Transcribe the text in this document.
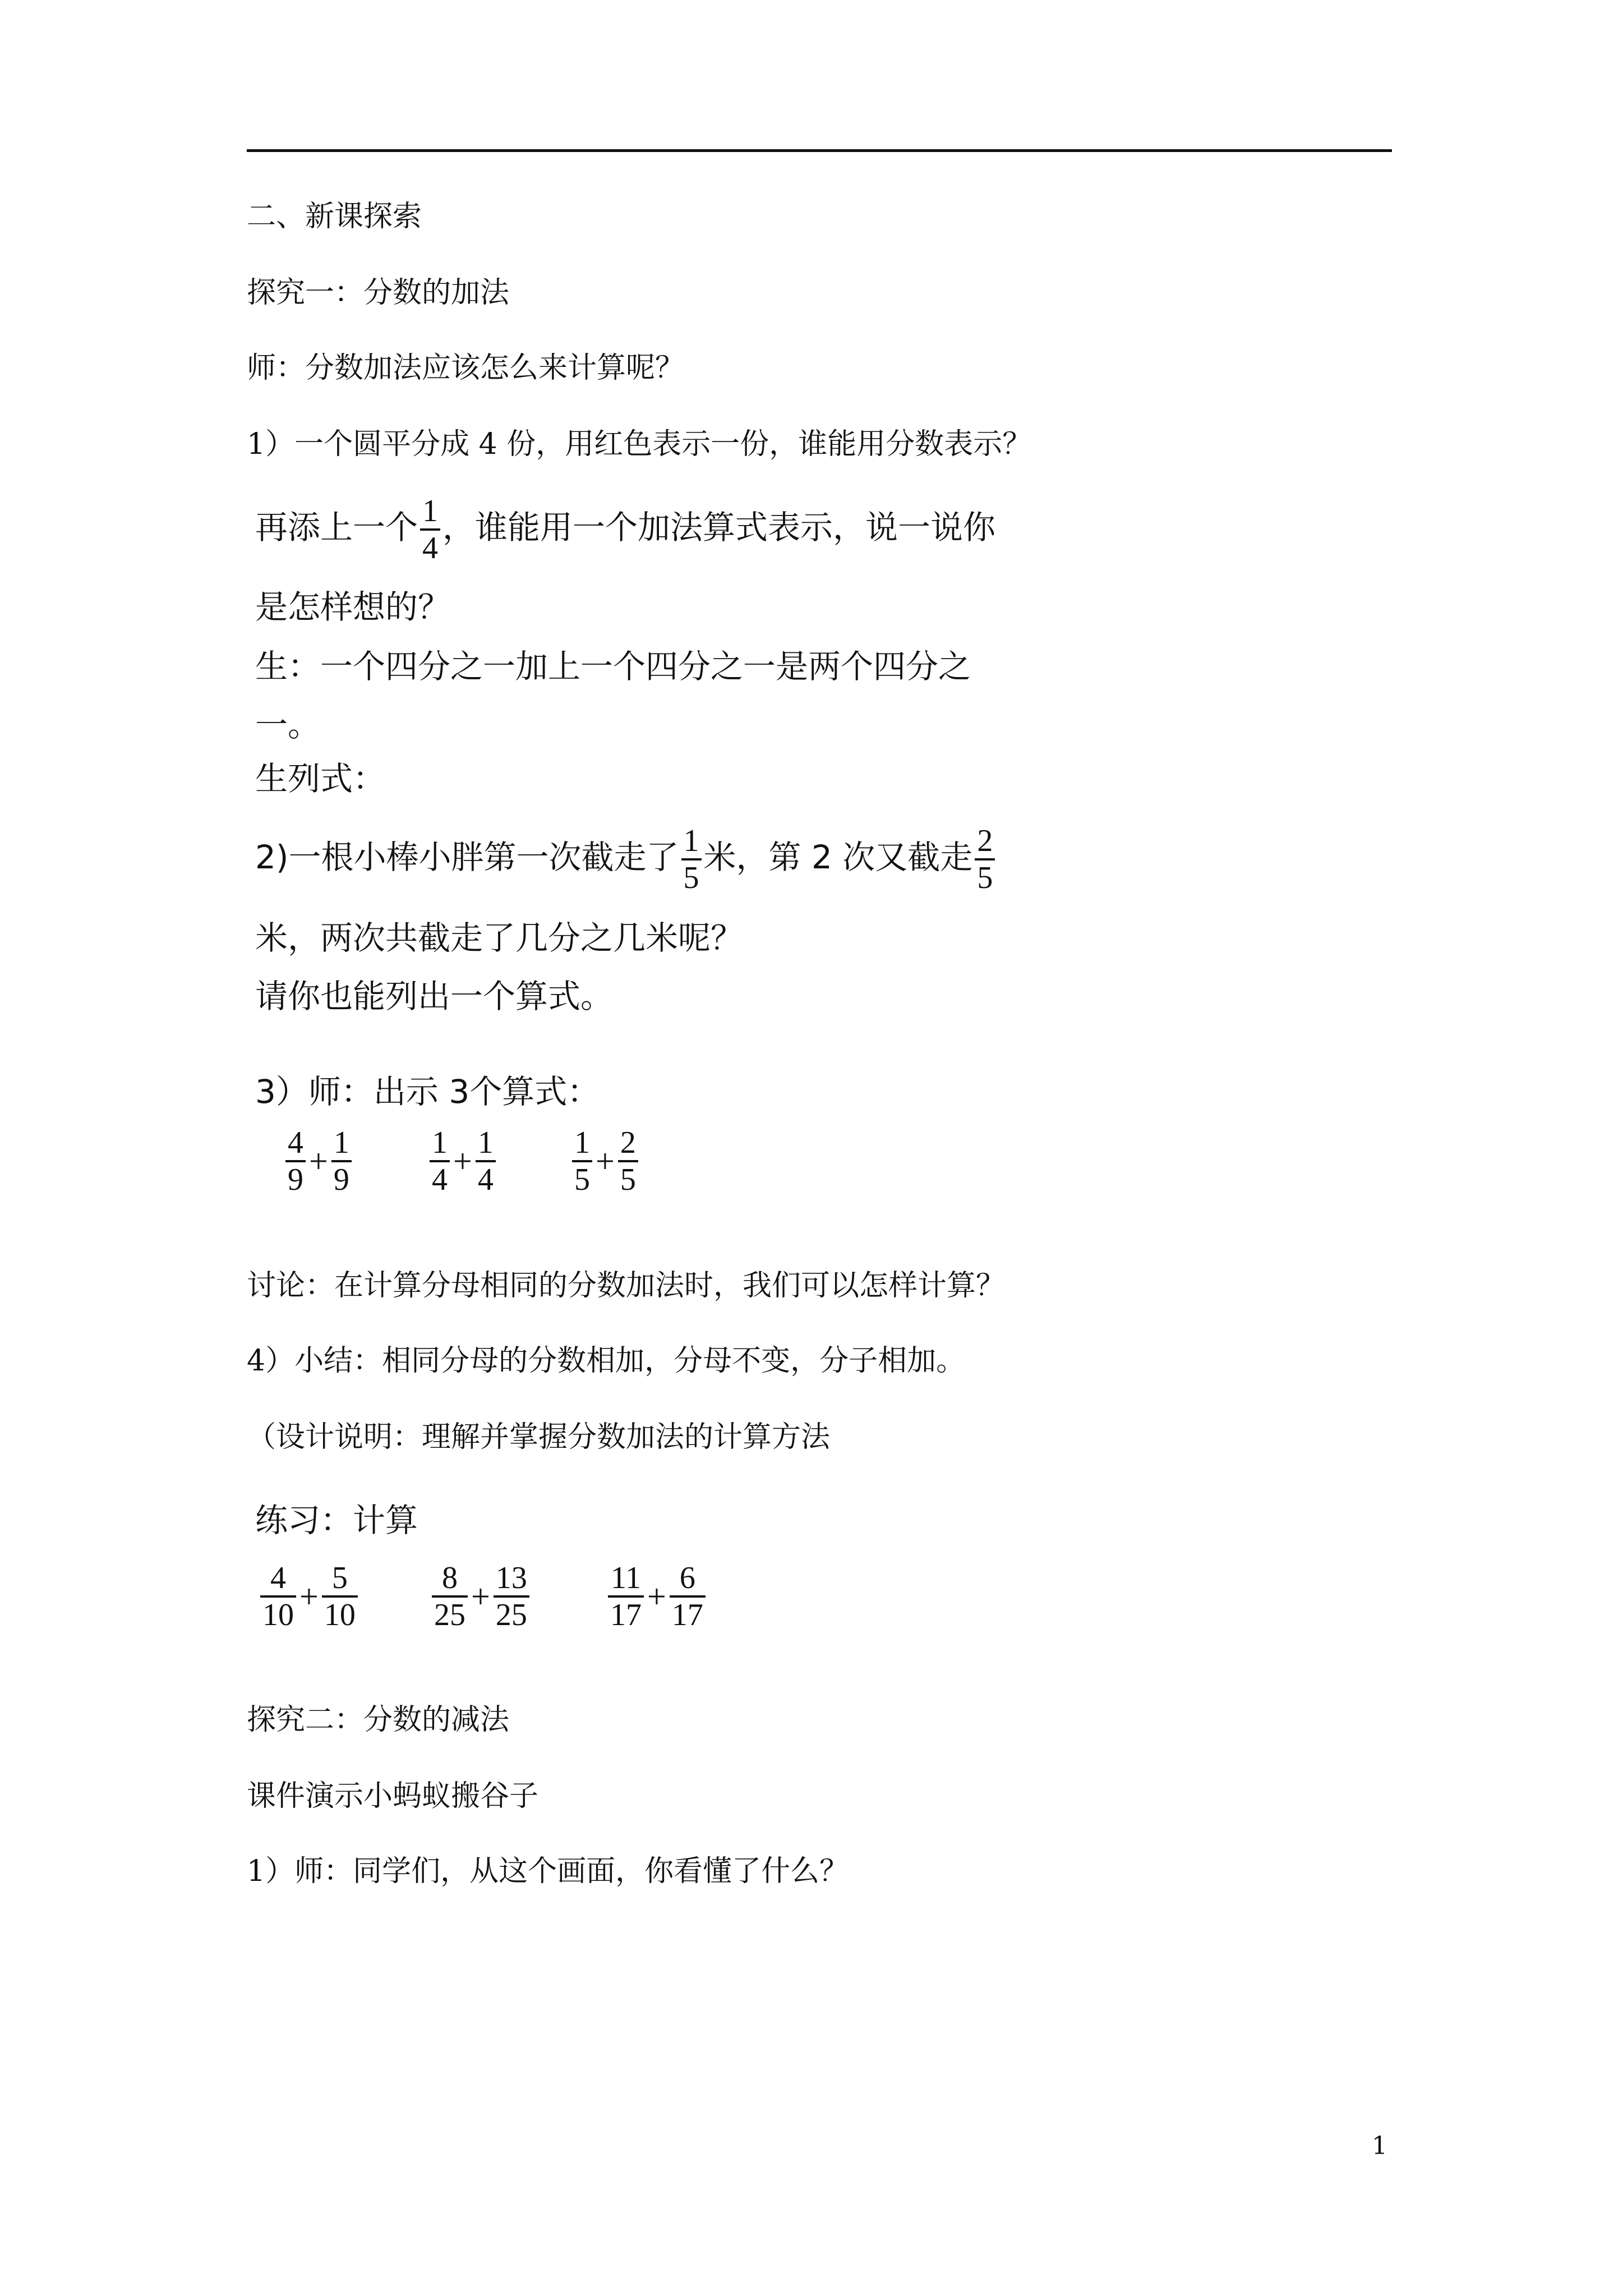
二、新课探索
探究一：分数的加法
师：分数加法应该怎么来计算呢？
1）一个圆平分成 4 份，用红色表示一份，谁能用分数表示？
再添上一个 $\frac{1}{4}$ ，谁能用一个加法算式表示，说一说你
是怎样想的？
生：一个四分之一加上一个四分之一是两个四分之
一。
生列式：
2)一根小棒小胖第一次截走了 $\frac{1}{5}$ 米，第 2 次又截走 $\frac{2}{5}$
米，两次共截走了几分之几米呢？
请你也能列出一个算式。
3）师：出示 3个算式：
$\frac{4}{9} + \frac{1}{9} \frac{1}{4} + \frac{1}{4} \frac{1}{5} + \frac{2}{5}$
讨论：在计算分母相同的分数加法时，我们可以怎样计算？
4）小结：相同分母的分数相加，分母不变，分子相加。
（设计说明：理解并掌握分数加法的计算方法
练习：计算
$\frac{4}{10} + \frac{5}{10} \frac{8}{25} + \frac{13}{25}$	$\frac{11}{17} + \frac{6}{17}$
探究二：分数的减法
课件演示小蚂蚁搬谷子
1）师：同学们，从这个画面，你看懂了什么？
1
